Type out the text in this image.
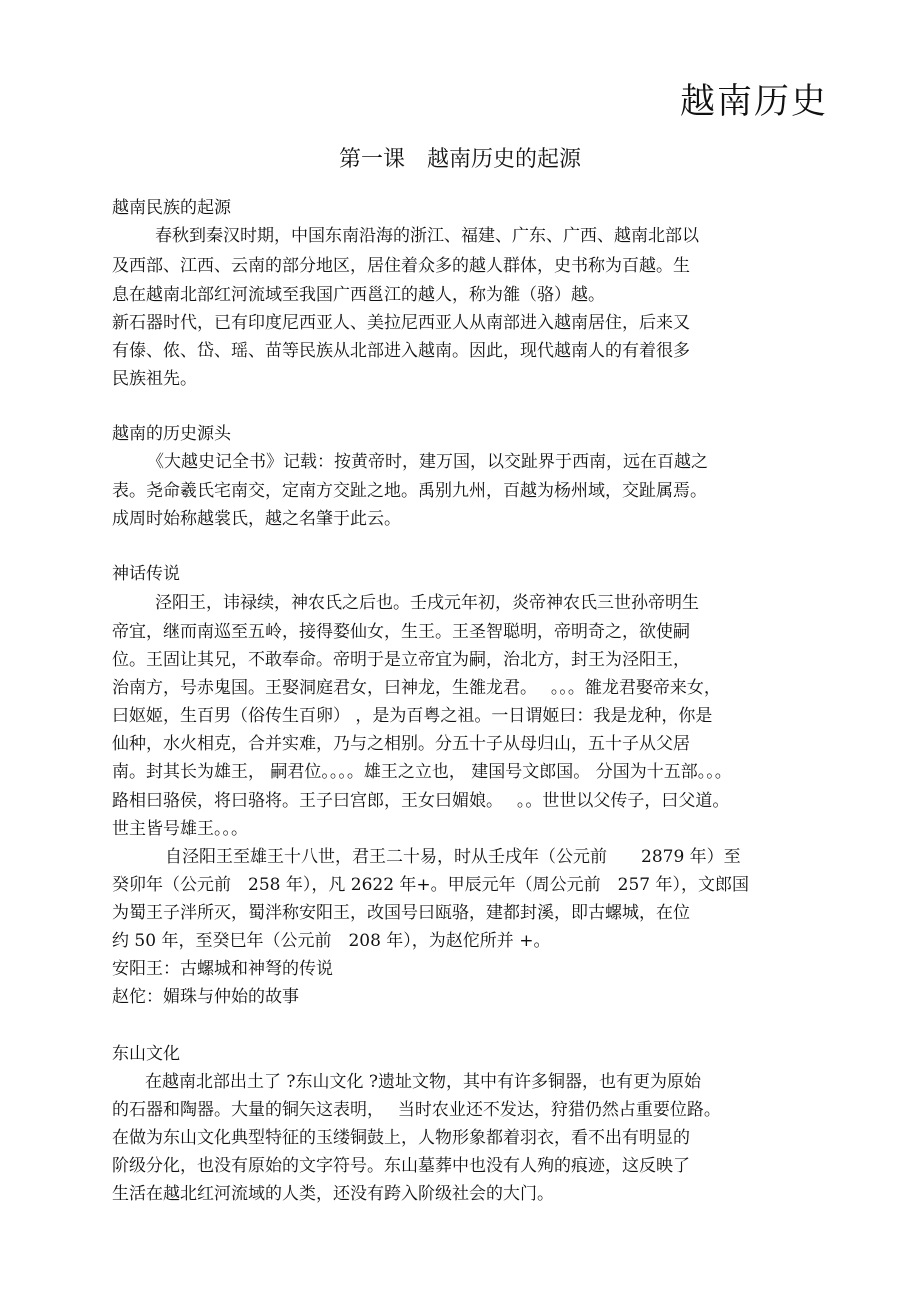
越南历史
第一课 越南历史的起源
越南民族的起源
春秋到秦汉时期，中国东南沿海的浙江、福建、广东、广西、越南北部以
及西部、江西、云南的部分地区，居住着众多的越人群体，史书称为百越。生
息在越南北部红河流域至我国广西邕江的越人，称为雒（骆）越。
新石器时代，已有印度尼西亚人、美拉尼西亚人从南部进入越南居住，后来又
有傣、侬、岱、瑶、苗等民族从北部进入越南。因此，现代越南人的有着很多
民族祖先。
越南的历史源头
《大越史记全书》记载：按黄帝时，建万国，以交趾界于西南，远在百越之
表。尧命羲氏宅南交，定南方交趾之地。禹别九州，百越为杨州域，交趾属焉。
成周时始称越裳氏，越之名肇于此云。
神话传说
泾阳王，讳禄续，神农氏之后也。壬戌元年初，炎帝神农氏三世孙帝明生
帝宜，继而南巡至五岭，接得婺仙女，生王。王圣智聪明，帝明奇之，欲使嗣
位。王固让其兄，不敢奉命。帝明于是立帝宜为嗣，治北方，封王为泾阳王，
治南方，号赤鬼国。王娶洞庭君女，曰神龙，生雒龙君。　 。。。雒龙君娶帝来女，
曰妪姬，生百男（俗传生百卵） ，是为百粤之祖。一日谓姬曰：我是龙种，你是
仙种，水火相克，合并实难，乃与之相别。分五十子从母归山，五十子从父居
南。封其长为雄王， 嗣君位。。。。雄王之立也， 建国号文郎国。 分国为十五部。。。
路相曰骆侯，将曰骆将。王子曰宫郎，王女曰媚娘。　 。。世世以父传子，曰父道。
世主皆号雄王。。。
自泾阳王至雄王十八世，君王二十易，时从壬戌年（公元前　　2879 年）至
癸卯年（公元前　258 年），凡 2622 年+。甲辰元年（周公元前　257 年），文郎国
为蜀王子泮所灭，蜀泮称安阳王，改国号曰瓯骆，建都封溪，即古螺城，在位
约 50 年，至癸巳年（公元前　208 年），为赵佗所并 +。
安阳王：古螺城和神弩的传说
赵佗：媚珠与仲始的故事
东山文化
在越南北部出土了 ?东山文化 ?遗址文物，其中有许多铜器，也有更为原始
的石器和陶器。大量的铜矢这表明，　 当时农业还不发达，狩猎仍然占重要位路。
在做为东山文化典型特征的玉缕铜鼓上，人物形象都着羽衣，看不出有明显的
阶级分化，也没有原始的文字符号。东山墓葬中也没有人殉的痕迹，这反映了
生活在越北红河流域的人类，还没有跨入阶级社会的大门。
